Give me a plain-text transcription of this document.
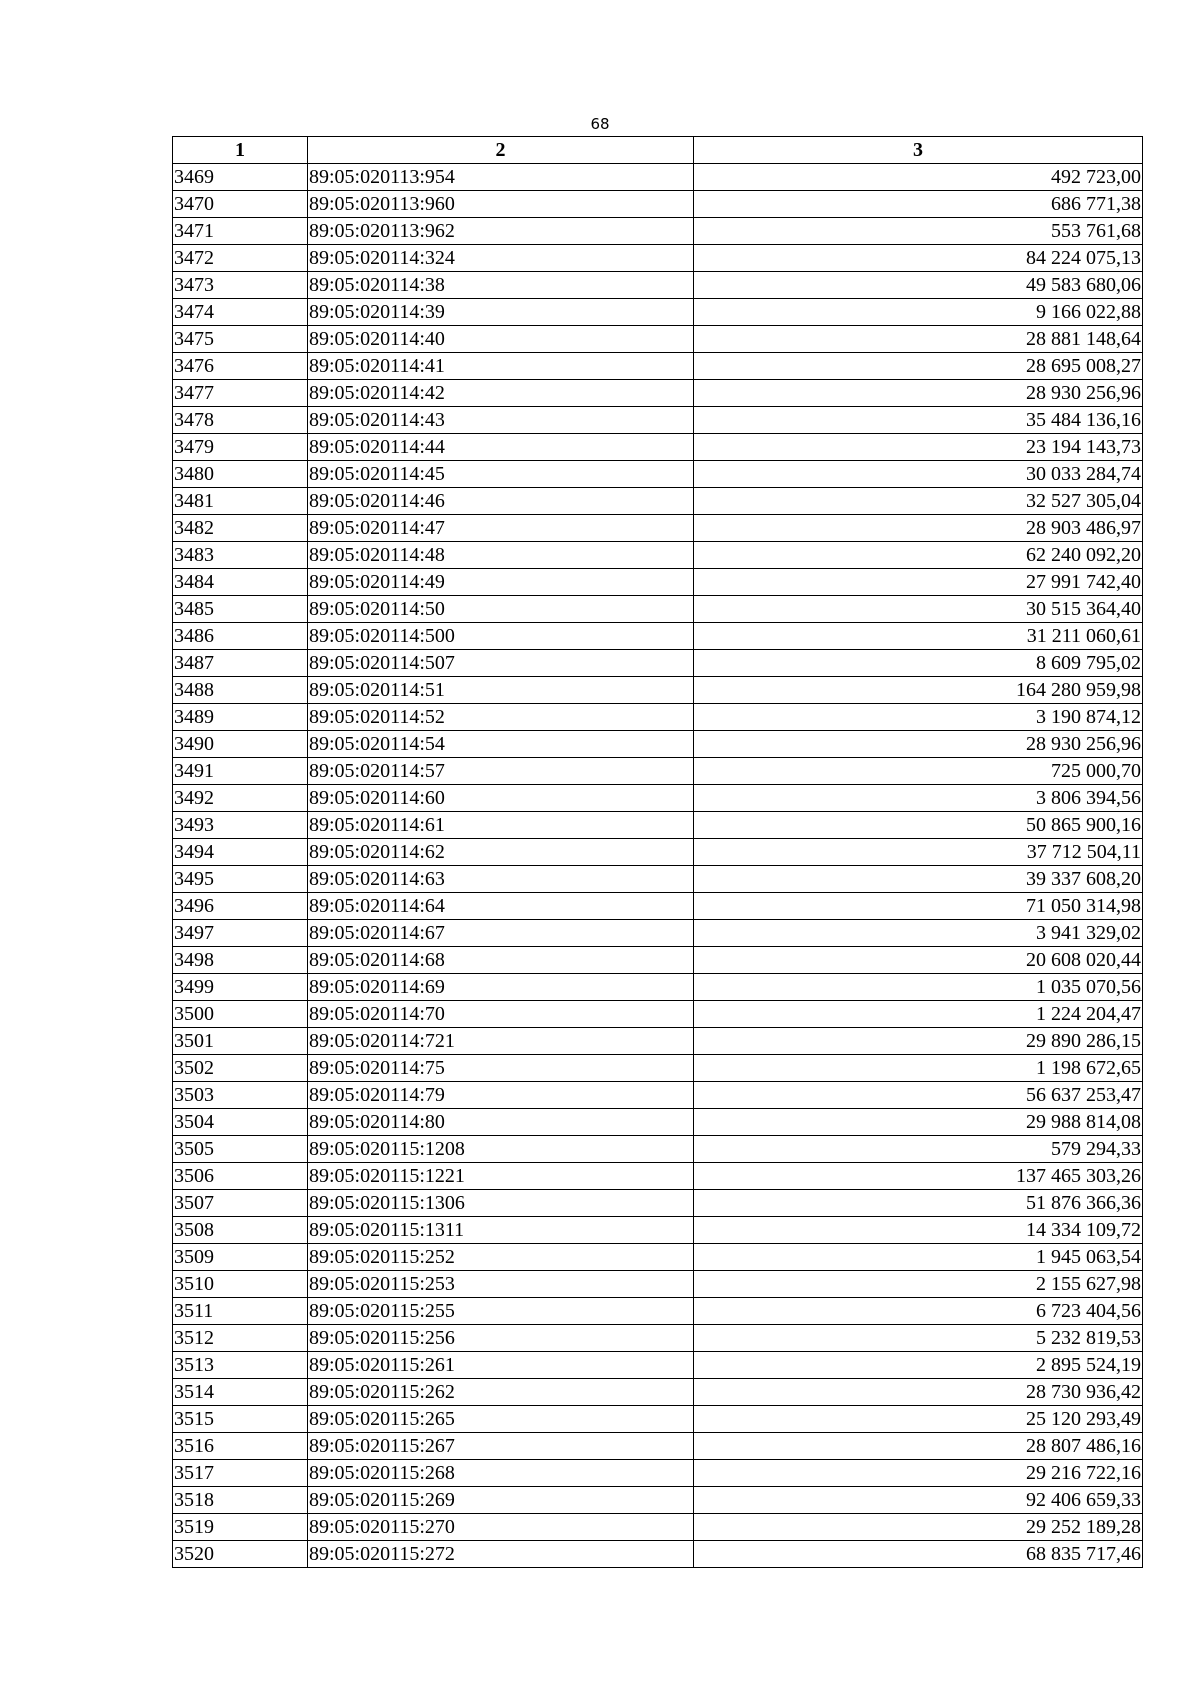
68
1	2	3
3469	89:05:020113:954	492 723,00
3470	89:05:020113:960	686 771,38
3471	89:05:020113:962	553 761,68
3472	89:05:020114:324	84 224 075,13
3473	89:05:020114:38	49 583 680,06
3474	89:05:020114:39	9 166 022,88
3475	89:05:020114:40	28 881 148,64
3476	89:05:020114:41	28 695 008,27
3477	89:05:020114:42	28 930 256,96
3478	89:05:020114:43	35 484 136,16
3479	89:05:020114:44	23 194 143,73
3480	89:05:020114:45	30 033 284,74
3481	89:05:020114:46	32 527 305,04
3482	89:05:020114:47	28 903 486,97
3483	89:05:020114:48	62 240 092,20
3484	89:05:020114:49	27 991 742,40
3485	89:05:020114:50	30 515 364,40
3486	89:05:020114:500	31 211 060,61
3487	89:05:020114:507	8 609 795,02
3488	89:05:020114:51	164 280 959,98
3489	89:05:020114:52	3 190 874,12
3490	89:05:020114:54	28 930 256,96
3491	89:05:020114:57	725 000,70
3492	89:05:020114:60	3 806 394,56
3493	89:05:020114:61	50 865 900,16
3494	89:05:020114:62	37 712 504,11
3495	89:05:020114:63	39 337 608,20
3496	89:05:020114:64	71 050 314,98
3497	89:05:020114:67	3 941 329,02
3498	89:05:020114:68	20 608 020,44
3499	89:05:020114:69	1 035 070,56
3500	89:05:020114:70	1 224 204,47
3501	89:05:020114:721	29 890 286,15
3502	89:05:020114:75	1 198 672,65
3503	89:05:020114:79	56 637 253,47
3504	89:05:020114:80	29 988 814,08
3505	89:05:020115:1208	579 294,33
3506	89:05:020115:1221	137 465 303,26
3507	89:05:020115:1306	51 876 366,36
3508	89:05:020115:1311	14 334 109,72
3509	89:05:020115:252	1 945 063,54
3510	89:05:020115:253	2 155 627,98
3511	89:05:020115:255	6 723 404,56
3512	89:05:020115:256	5 232 819,53
3513	89:05:020115:261	2 895 524,19
3514	89:05:020115:262	28 730 936,42
3515	89:05:020115:265	25 120 293,49
3516	89:05:020115:267	28 807 486,16
3517	89:05:020115:268	29 216 722,16
3518	89:05:020115:269	92 406 659,33
3519	89:05:020115:270	29 252 189,28
3520	89:05:020115:272	68 835 717,46
